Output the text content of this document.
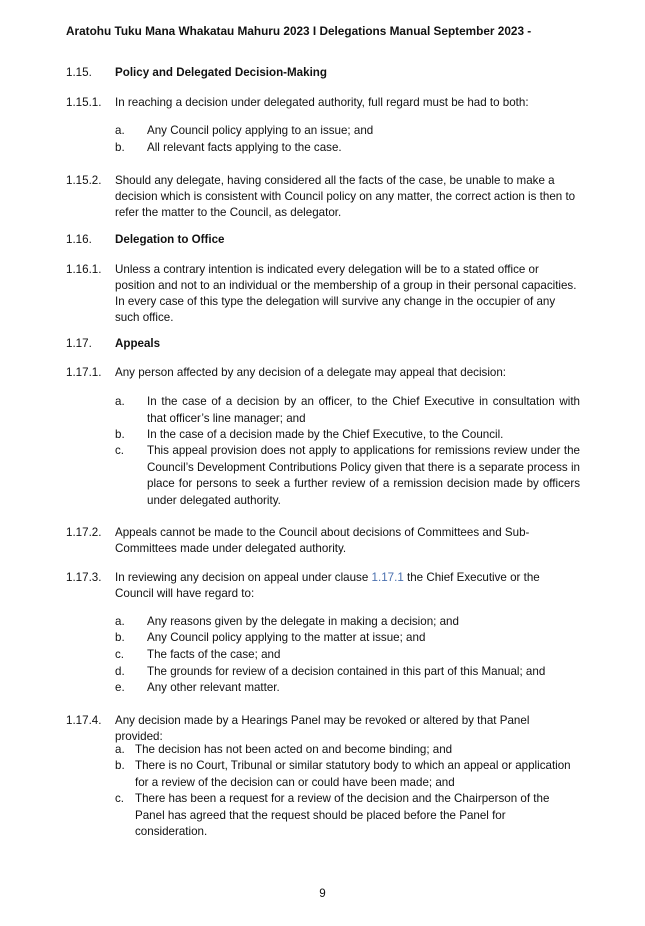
Aratohu Tuku Mana Whakatau Mahuru 2023 I Delegations Manual September 2023 -
1.15.	Policy and Delegated Decision-Making
1.15.1. In reaching a decision under delegated authority, full regard must be had to both:
a. Any Council policy applying to an issue; and
b. All relevant facts applying to the case.
1.15.2. Should any delegate, having considered all the facts of the case, be unable to make a decision which is consistent with Council policy on any matter, the correct action is then to refer the matter to the Council, as delegator.
1.16.	Delegation to Office
1.16.1. Unless a contrary intention is indicated every delegation will be to a stated office or position and not to an individual or the membership of a group in their personal capacities. In every case of this type the delegation will survive any change in the occupier of any such office.
1.17.	Appeals
1.17.1. Any person affected by any decision of a delegate may appeal that decision:
a. In the case of a decision by an officer, to the Chief Executive in consultation with that officer’s line manager; and
b. In the case of a decision made by the Chief Executive, to the Council.
c. This appeal provision does not apply to applications for remissions review under the Council’s Development Contributions Policy given that there is a separate process in place for persons to seek a further review of a remission decision made by officers under delegated authority.
1.17.2. Appeals cannot be made to the Council about decisions of Committees and Sub-Committees made under delegated authority.
1.17.3. In reviewing any decision on appeal under clause 1.17.1 the Chief Executive or the Council will have regard to:
a. Any reasons given by the delegate in making a decision; and
b. Any Council policy applying to the matter at issue; and
c. The facts of the case; and
d. The grounds for review of a decision contained in this part of this Manual; and
e. Any other relevant matter.
1.17.4. Any decision made by a Hearings Panel may be revoked or altered by that Panel provided:
a. The decision has not been acted on and become binding; and
b. There is no Court, Tribunal or similar statutory body to which an appeal or application for a review of the decision can or could have been made; and
c. There has been a request for a review of the decision and the Chairperson of the Panel has agreed that the request should be placed before the Panel for consideration.
9
